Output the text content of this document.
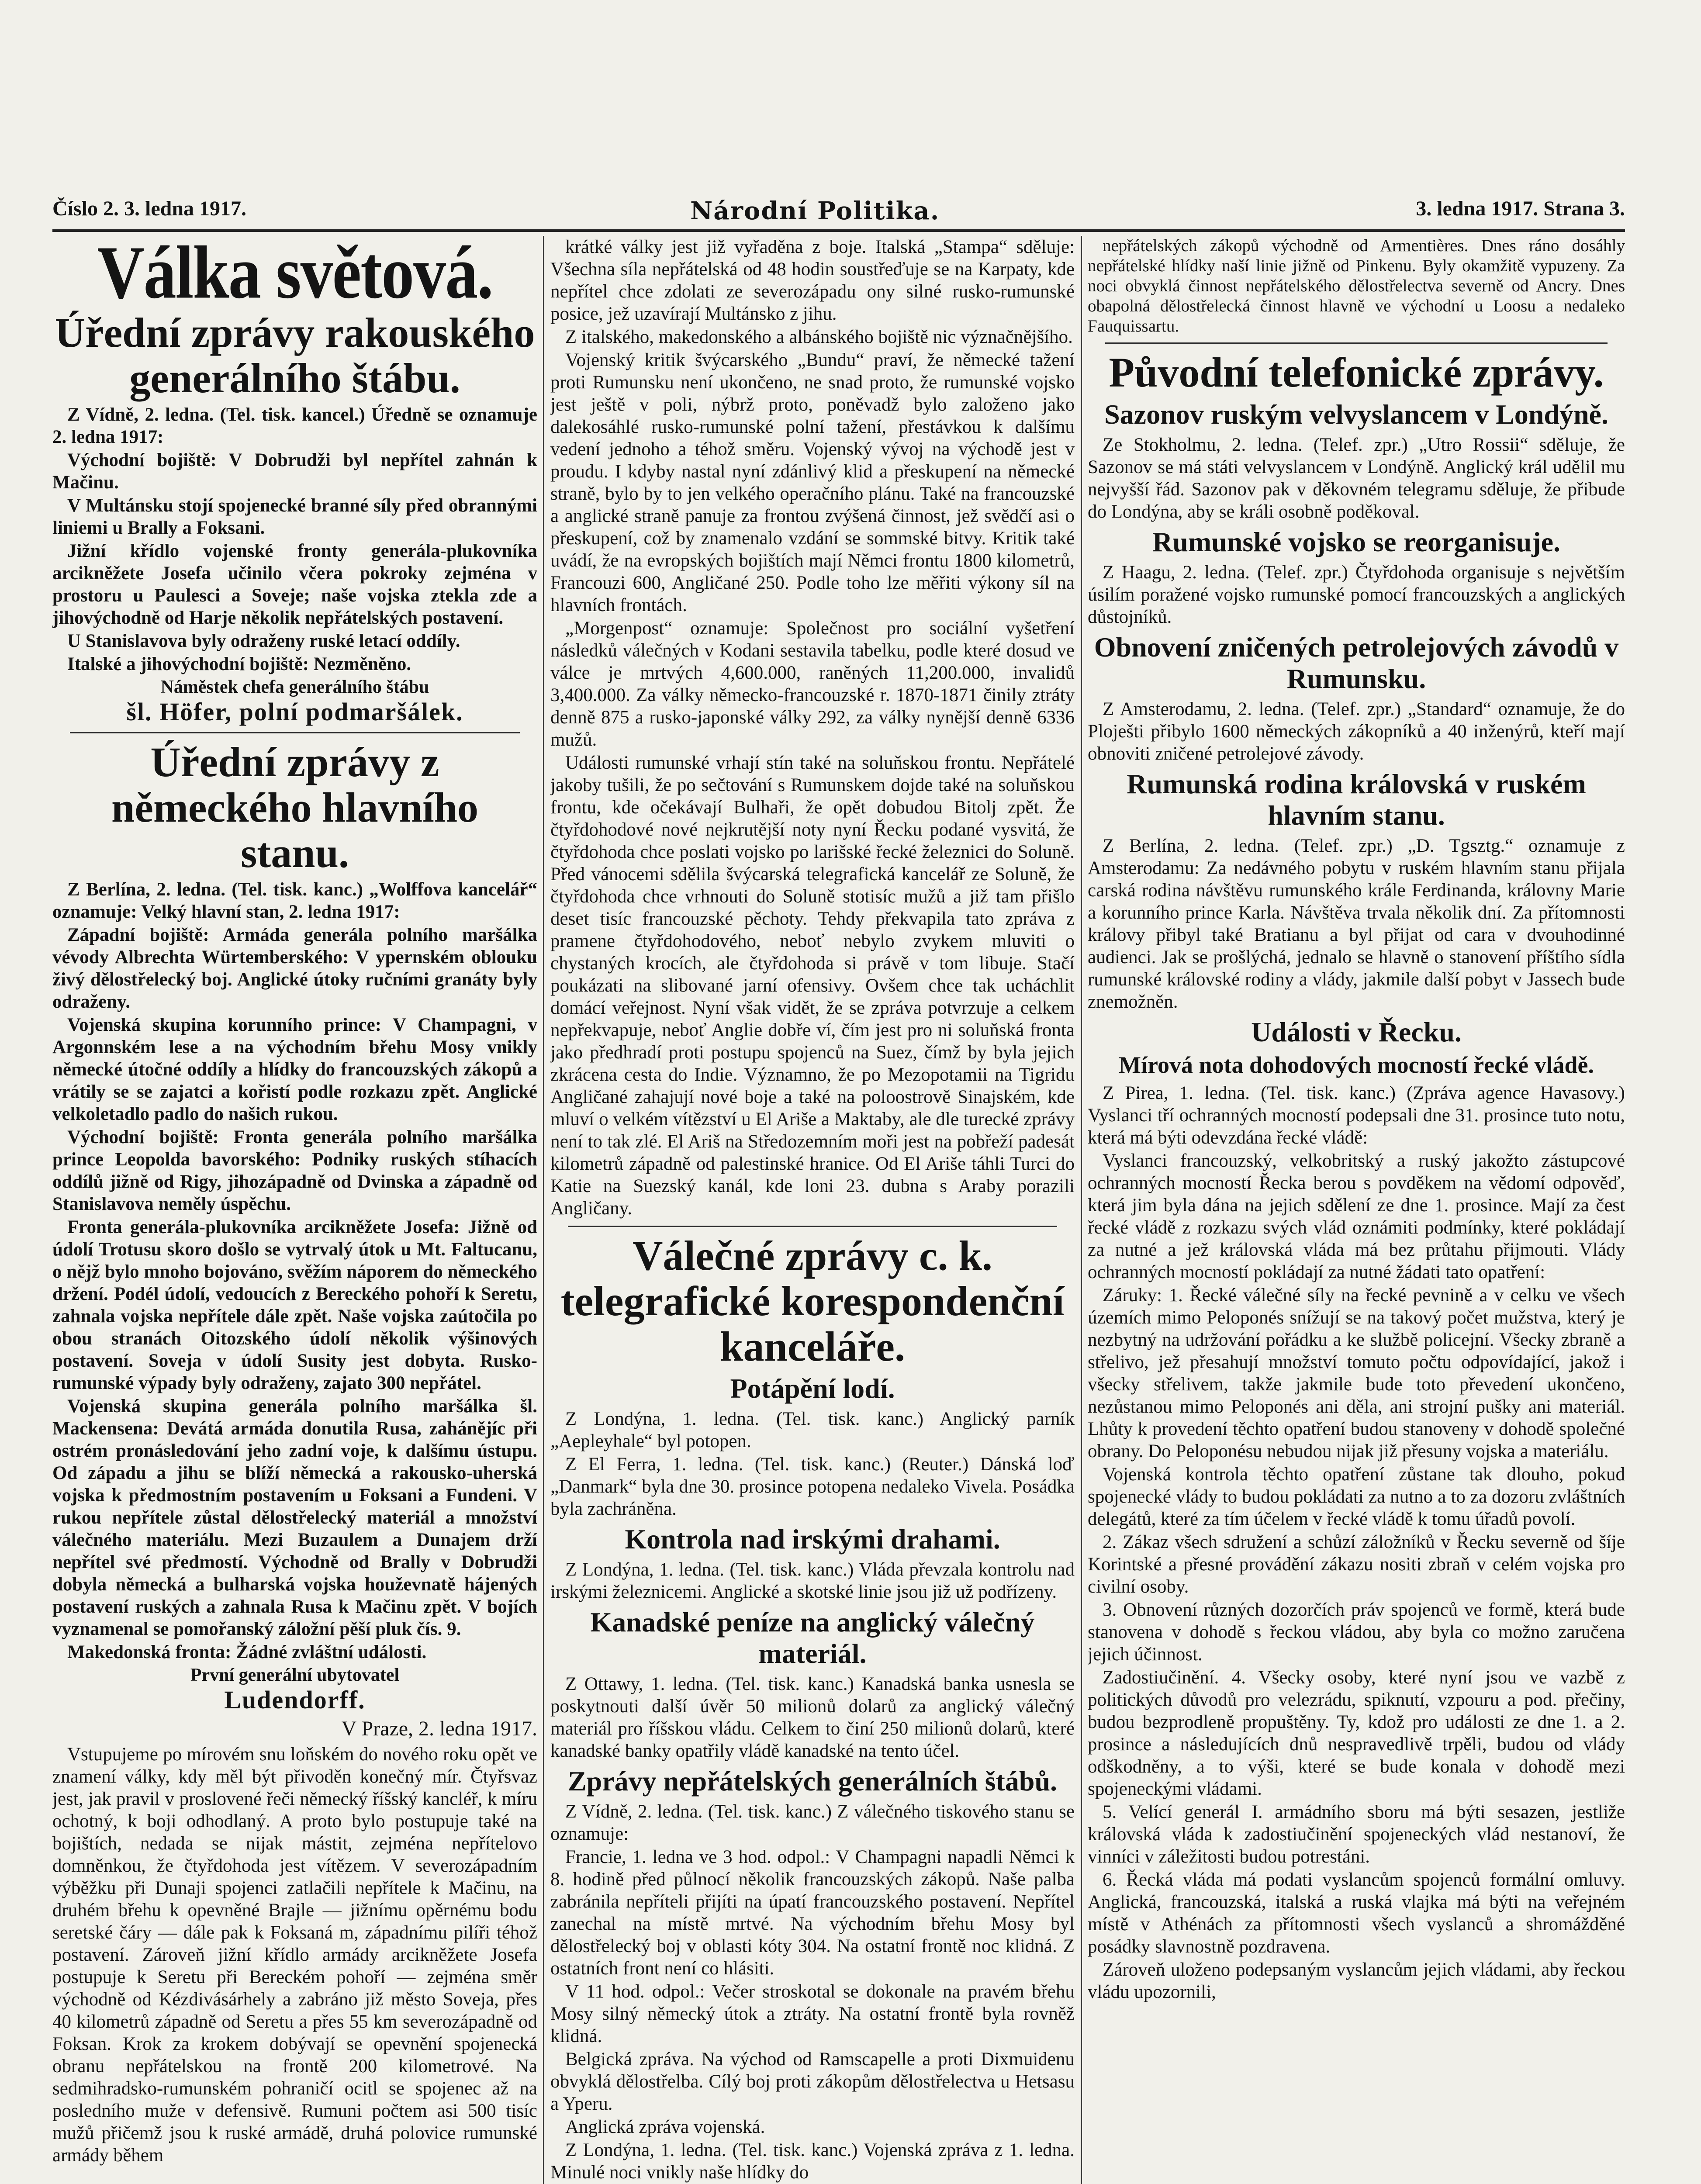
Číslo 2. 3. ledna 1917.	Národní Politika.	3. ledna 1917. Strana 3.
Válka světová.
Úřední zprávy rakouského generálního štábu.

Z Vídně, 2. ledna. (Tel. tisk. kancel.) Úředně se oznamuje 2. ledna 1917:

Východní bojiště: V Dobrudži byl nepřítel zahnán k Mačinu.

V Multánsku stojí spojenecké branné síly před obrannými liniemi u Brally a Foksani.

Jižní křídlo vojenské fronty generála-plukovníka arcikněžete Josefa učinilo včera pokroky zejména v prostoru u Paulesci a Soveje; naše vojska ztekla zde a jihovýchodně od Harje několik nepřátelských postavení.

U Stanislavova byly odraženy ruské letací oddíly.

Italské a jihovýchodní bojiště: Nezměněno.

Náměstek chefa generálního štábu
šl. Höfer, polní podmaršálek.
Úřední zprávy z německého hlavního stanu.

Z Berlína, 2. ledna. (Tel. tisk. kanc.) „Wolffova kancelář“ oznamuje: Velký hlavní stan, 2. ledna 1917:

Západní bojiště: Armáda generála polního maršálka vévody Albrechta Würtemberského: V ypernském oblouku živý dělostřelecký boj. Anglické útoky ručními granáty byly odraženy.

Vojenská skupina korunního prince: V Champagni, v Argonnském lese a na východním břehu Mosy vnikly německé útočné oddíly a hlídky do francouzských zákopů a vrátily se se zajatci a kořistí podle rozkazu zpět. Anglické velkoletadlo padlo do našich rukou.

Východní bojiště: Fronta generála polního maršálka prince Leopolda bavorského: Podniky ruských stíhacích oddílů jižně od Rigy, jihozápadně od Dvinska a západně od Stanislavova neměly úspěchu.

Fronta generála-plukovníka arcikněžete Josefa: Jižně od údolí Trotusu skoro došlo se vytrvalý útok u Mt. Faltucanu, o nějž bylo mnoho bojováno, svěžím náporem do německého držení. Podél údolí, vedoucích z Bereckého pohoří k Seretu, zahnala vojska nepřítele dále zpět. Naše vojska zaútočila po obou stranách Oitozského údolí několik výšinových postavení. Soveja v údolí Susity jest dobyta. Rusko-rumunské výpady byly odraženy, zajato 300 nepřátel.

Vojenská skupina generála polního maršálka šl. Mackensena: Devátá armáda donutila Rusa, zahánějíc při ostrém pronásledování jeho zadní voje, k dalšímu ústupu. Od západu a jihu se blíží německá a rakousko-uherská vojska k předmostním postavením u Foksani a Fundeni. V rukou nepřítele zůstal dělostřelecký materiál a množství válečného materiálu. Mezi Buzaulem a Dunajem drží nepřítel své předmostí. Východně od Brally v Dobrudži dobyla německá a bulharská vojska houževnatě hájených postavení ruských a zahnala Rusa k Mačinu zpět. V bojích vyznamenal se pomořanský záložní pěší pluk čís. 9.

Makedonská fronta: Žádné zvláštní události.

První generální ubytovatel
Ludendorff.
V Praze, 2. ledna 1917.

Vstupujeme po mírovém snu loňském do nového roku opět ve znamení války, kdy měl být přivoděn konečný mír. Čtyřsvaz jest, jak pravil v proslovené řeči německý říšský kancléř, k míru ochotný, k boji odhodlaný. A proto bylo postupuje také na bojištích, nedada se nijak mástit, zejména nepřítelovo domněnkou, že čtyřdohoda jest vítězem. V severozápadním výběžku při Dunaji spojenci zatlačili nepřítele k Mačinu, na druhém břehu k opevněné Brajle — jižnímu opěrnému bodu seretské čáry — dále pak k Foksaná m, západnímu pilíři téhož postavení. Zároveň jižní křídlo armády arcikněžete Josefa postupuje k Seretu při Bereckém pohoří — zejména směr východně od Kézdivásárhely a zabráno již město Soveja, přes 40 kilometrů západně od Seretu a přes 55 km severozápadně od Foksan. Krok za krokem dobývají se opevnění spojenecká obranu nepřátelskou na frontě 200 kilometrové. Na sedmihradsko-rumunském pohraničí ocitl se spojenec až na posledního muže v defensivě. Rumuni počtem asi 500 tisíc mužů přičemž jsou k ruské armádě, druhá polovice rumunské armády během

krátké války jest již vyřaděna z boje. Italská „Stampa“ sděluje: Všechna síla nepřátelská od 48 hodin soustřeďuje se na Karpaty, kde nepřítel chce zdolati ze severozápadu ony silné rusko-rumunské posice, jež uzavírají Multánsko z jihu.

Z italského, makedonského a albánského bojiště nic význačnějšího.

Vojenský kritik švýcarského „Bundu“ praví, že německé tažení proti Rumunsku není ukončeno, ne snad proto, že rumunské vojsko jest ještě v poli, nýbrž proto, poněvadž bylo založeno jako dalekosáhlé rusko-rumunské polní tažení, přestávkou k dalšímu vedení jednoho a téhož směru. Vojenský vývoj na východě jest v proudu. I kdyby nastal nyní zdánlivý klid a přeskupení na německé straně, bylo by to jen velkého operačního plánu. Také na francouzské a anglické straně panuje za frontou zvýšená činnost, jež svědčí asi o přeskupení, což by znamenalo vzdání se sommské bitvy. Kritik také uvádí, že na evropských bojištích mají Němci frontu 1800 kilometrů, Francouzi 600, Angličané 250. Podle toho lze měřiti výkony síl na hlavních frontách.

„Morgenpost“ oznamuje: Společnost pro sociální vyšetření následků válečných v Kodani sestavila tabelku, podle které dosud ve válce je mrtvých 4,600.000, raněných 11,200.000, invalidů 3,400.000. Za války německo-francouzské r. 1870-1871 činily ztráty denně 875 a rusko-japonské války 292, za války nynější denně 6336 mužů.

Události rumunské vrhají stín také na soluňskou frontu. Nepřátelé jakoby tušili, že po sečtování s Rumunskem dojde také na soluňskou frontu, kde očekávají Bulhaři, že opět dobudou Bitolj zpět. Že čtyřdohodové nové nejkrutější noty nyní Řecku podané vysvitá, že čtyřdohoda chce poslati vojsko po larišské řecké železnici do Soluně. Před vánocemi sdělila švýcarská telegrafická kancelář ze Soluně, že čtyřdohoda chce vrhnouti do Soluně stotisíc mužů a již tam přišlo deset tisíc francouzské pěchoty. Tehdy překvapila tato zpráva z pramene čtyřdohodového, neboť nebylo zvykem mluviti o chystaných krocích, ale čtyřdohoda si právě v tom libuje. Stačí poukázati na slibované jarní ofensivy. Ovšem chce tak ucháchlit domácí veřejnost. Nyní však vidět, že se zpráva potvrzuje a celkem nepřekvapuje, neboť Anglie dobře ví, čím jest pro ni soluňská fronta jako předhradí proti postupu spojenců na Suez, čímž by byla jejich zkrácena cesta do Indie. Významno, že po Mezopotamii na Tigridu Angličané zahajují nové boje a také na poloostrově Sinajském, kde mluví o velkém vítězství u El Ariše a Maktaby, ale dle turecké zprávy není to tak zlé. El Ariš na Středozemním moři jest na pobřeží padesát kilometrů západně od palestinské hranice. Od El Ariše táhli Turci do Katie na Suezský kanál, kde loni 23. dubna s Araby porazili Angličany.

Válečné zprávy c. k. telegrafické korespondenční kanceláře.
Potápění lodí.

Z Londýna, 1. ledna. (Tel. tisk. kanc.) Anglický parník „Aepleyhale“ byl potopen.

Z El Ferra, 1. ledna. (Tel. tisk. kanc.) (Reuter.) Dánská loď „Danmark“ byla dne 30. prosince potopena nedaleko Vivela. Posádka byla zachráněna.

Kontrola nad irskými drahami.

Z Londýna, 1. ledna. (Tel. tisk. kanc.) Vláda převzala kontrolu nad irskými železnicemi. Anglické a skotské linie jsou již už podřízeny.

Kanadské peníze na anglický válečný materiál.

Z Ottawy, 1. ledna. (Tel. tisk. kanc.) Kanadská banka usnesla se poskytnouti další úvěr 50 milionů dolarů za anglický válečný materiál pro říšskou vládu. Celkem to činí 250 milionů dolarů, které kanadské banky opatřily vládě kanadské na tento účel.

Zprávy nepřátelských generálních štábů.

Z Vídně, 2. ledna. (Tel. tisk. kanc.) Z válečného tiskového stanu se oznamuje:

Francie, 1. ledna ve 3 hod. odpol.: V Champagni napadli Němci k 8. hodině před půlnocí několik francouzských zákopů. Naše palba zabránila nepříteli přijíti na úpatí francouzského postavení. Nepřítel zanechal na místě mrtvé. Na východním břehu Mosy byl dělostřelecký boj v oblasti kóty 304. Na ostatní frontě noc klidná. Z ostatních front není co hlásiti.

V 11 hod. odpol.: Večer stroskotal se dokonale na pravém břehu Mosy silný německý útok a ztráty. Na ostatní frontě byla rovněž klidná.

Belgická zpráva. Na východ od Ramscapelle a proti Dixmuidenu obvyklá dělostřelba. Cílý boj proti zákopům dělostřelectva u Hetsasu a Yperu.

Anglická zpráva vojenská.

Z Londýna, 1. ledna. (Tel. tisk. kanc.) Vojenská zpráva z 1. ledna. Minulé noci vnikly naše hlídky do

nepřátelských zákopů východně od Armentières. Dnes ráno dosáhly nepřátelské hlídky naší linie jižně od Pinkenu. Byly okamžitě vypuzeny. Za noci obvyklá činnost nepřátelského dělostřelectva severně od Ancry. Dnes obapolná dělostřelecká činnost hlavně ve východní u Loosu a nedaleko Fauquissartu.

Původní telefonické zprávy.
Sazonov ruským velvyslancem v Londýně.

Ze Stokholmu, 2. ledna. (Telef. zpr.) „Utro Rossii“ sděluje, že Sazonov se má státi velvyslancem v Londýně. Anglický král udělil mu nejvyšší řád. Sazonov pak v děkovném telegramu sděluje, že přibude do Londýna, aby se králi osobně poděkoval.

Rumunské vojsko se reorganisuje.

Z Haagu, 2. ledna. (Telef. zpr.) Čtyřdohoda organisuje s největším úsilím poražené vojsko rumunské pomocí francouzských a anglických důstojníků.

Obnovení zničených petrolejových závodů v Rumunsku.

Z Amsterodamu, 2. ledna. (Telef. zpr.) „Standard“ oznamuje, že do Ploješti přibylo 1600 německých zákopníků a 40 inženýrů, kteří mají obnoviti zničené petrolejové závody.

Rumunská rodina královská v ruském hlavním stanu.

Z Berlína, 2. ledna. (Telef. zpr.) „D. Tgsztg.“ oznamuje z Amsterodamu: Za nedávného pobytu v ruském hlavním stanu přijala carská rodina návštěvu rumunského krále Ferdinanda, královny Marie a korunního prince Karla. Návštěva trvala několik dní. Za přítomnosti královy přibyl také Bratianu a byl přijat od cara v dvouhodinné audienci. Jak se prošlýchá, jednalo se hlavně o stanovení příštího sídla rumunské královské rodiny a vlády, jakmile další pobyt v Jassech bude znemožněn.

Události v Řecku.
Mírová nota dohodových mocností řecké vládě.

Z Pirea, 1. ledna. (Tel. tisk. kanc.) (Zpráva agence Havasovy.) Vyslanci tří ochranných mocností podepsali dne 31. prosince tuto notu, která má býti odevzdána řecké vládě:

Vyslanci francouzský, velkobritský a ruský jakožto zástupcové ochranných mocností Řecka berou s povděkem na vědomí odpověď, která jim byla dána na jejich sdělení ze dne 1. prosince. Mají za čest řecké vládě z rozkazu svých vlád oznámiti podmínky, které pokládají za nutné a jež královská vláda má bez průtahu přijmouti. Vlády ochranných mocností pokládají za nutné žádati tato opatření:

Záruky: 1. Řecké válečné síly na řecké pevnině a v celku ve všech územích mimo Peloponés snížují se na takový počet mužstva, který je nezbytný na udržování pořádku a ke službě policejní. Všecky zbraně a střelivo, jež přesahují množství tomuto počtu odpovídající, jakož i všecky střelivem, takže jakmile bude toto převedení ukončeno, nezůstanou mimo Peloponés ani děla, ani strojní pušky ani materiál. Lhůty k provedení těchto opatření budou stanoveny v dohodě společné obrany. Do Peloponésu nebudou nijak již přesuny vojska a materiálu.

Vojenská kontrola těchto opatření zůstane tak dlouho, pokud spojenecké vlády to budou pokládati za nutno a to za dozoru zvláštních delegátů, které za tím účelem v řecké vládě k tomu úřadů povolí.

2. Zákaz všech sdružení a schůzí záložníků v Řecku severně od šíje Korintské a přesné provádění zákazu nositi zbraň v celém vojska pro civilní osoby.

3. Obnovení různých dozorčích práv spojenců ve formě, která bude stanovena v dohodě s řeckou vládou, aby byla co možno zaručena jejich účinnost.

Zadostiučinění. 4. Všecky osoby, které nyní jsou ve vazbě z politických důvodů pro velezrádu, spiknutí, vzpouru a pod. přečiny, budou bezprodleně propuštěny. Ty, kdož pro události ze dne 1. a 2. prosince a následujících dnů nespravedlivě trpěli, budou od vlády odškodněny, a to výši, které se bude konala v dohodě mezi spojeneckými vládami.

5. Velící generál I. armádního sboru má býti sesazen, jestliže královská vláda k zadostiučinění spojeneckých vlád nestanoví, že vinníci v záležitosti budou potrestáni.

6. Řecká vláda má podati vyslancům spojenců formální omluvy. Anglická, francouzská, italská a ruská vlajka má býti na veřejném místě v Athénách za přítomnosti všech vyslanců a shromážděné posádky slavnostně pozdravena.

Zároveň uloženo podepsaným vyslancům jejich vládami, aby řeckou vládu upozornili,
